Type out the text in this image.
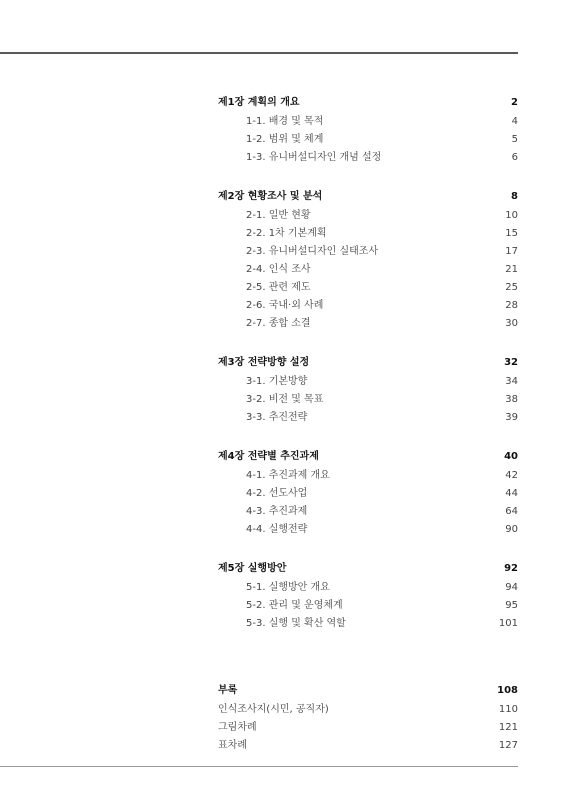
제1장 계획의 개요	2
1-1. 배경 및 목적	4
1-2. 범위 및 체계	5
1-3. 유니버설디자인 개념 설정	6
제2장 현황조사 및 분석	8
2-1. 일반 현황	10
2-2. 1차 기본계획	15
2-3. 유니버설디자인 실태조사	17
2-4. 인식 조사	21
2-5. 관련 제도	25
2-6. 국내·외 사례	28
2-7. 종합 소결	30
제3장 전략방향 설정	32
3-1. 기본방향	34
3-2. 비전 및 목표	38
3-3. 추진전략	39
제4장 전략별 추진과제	40
4-1. 추진과제 개요	42
4-2. 선도사업	44
4-3. 추진과제	64
4-4. 실행전략	90
제5장 실행방안	92
5-1. 실행방안 개요	94
5-2. 관리 및 운영체계	95
5-3. 실행 및 확산 역할	101
부록	108
인식조사지(시민, 공직자)	110
그림차례	121
표차례	127
